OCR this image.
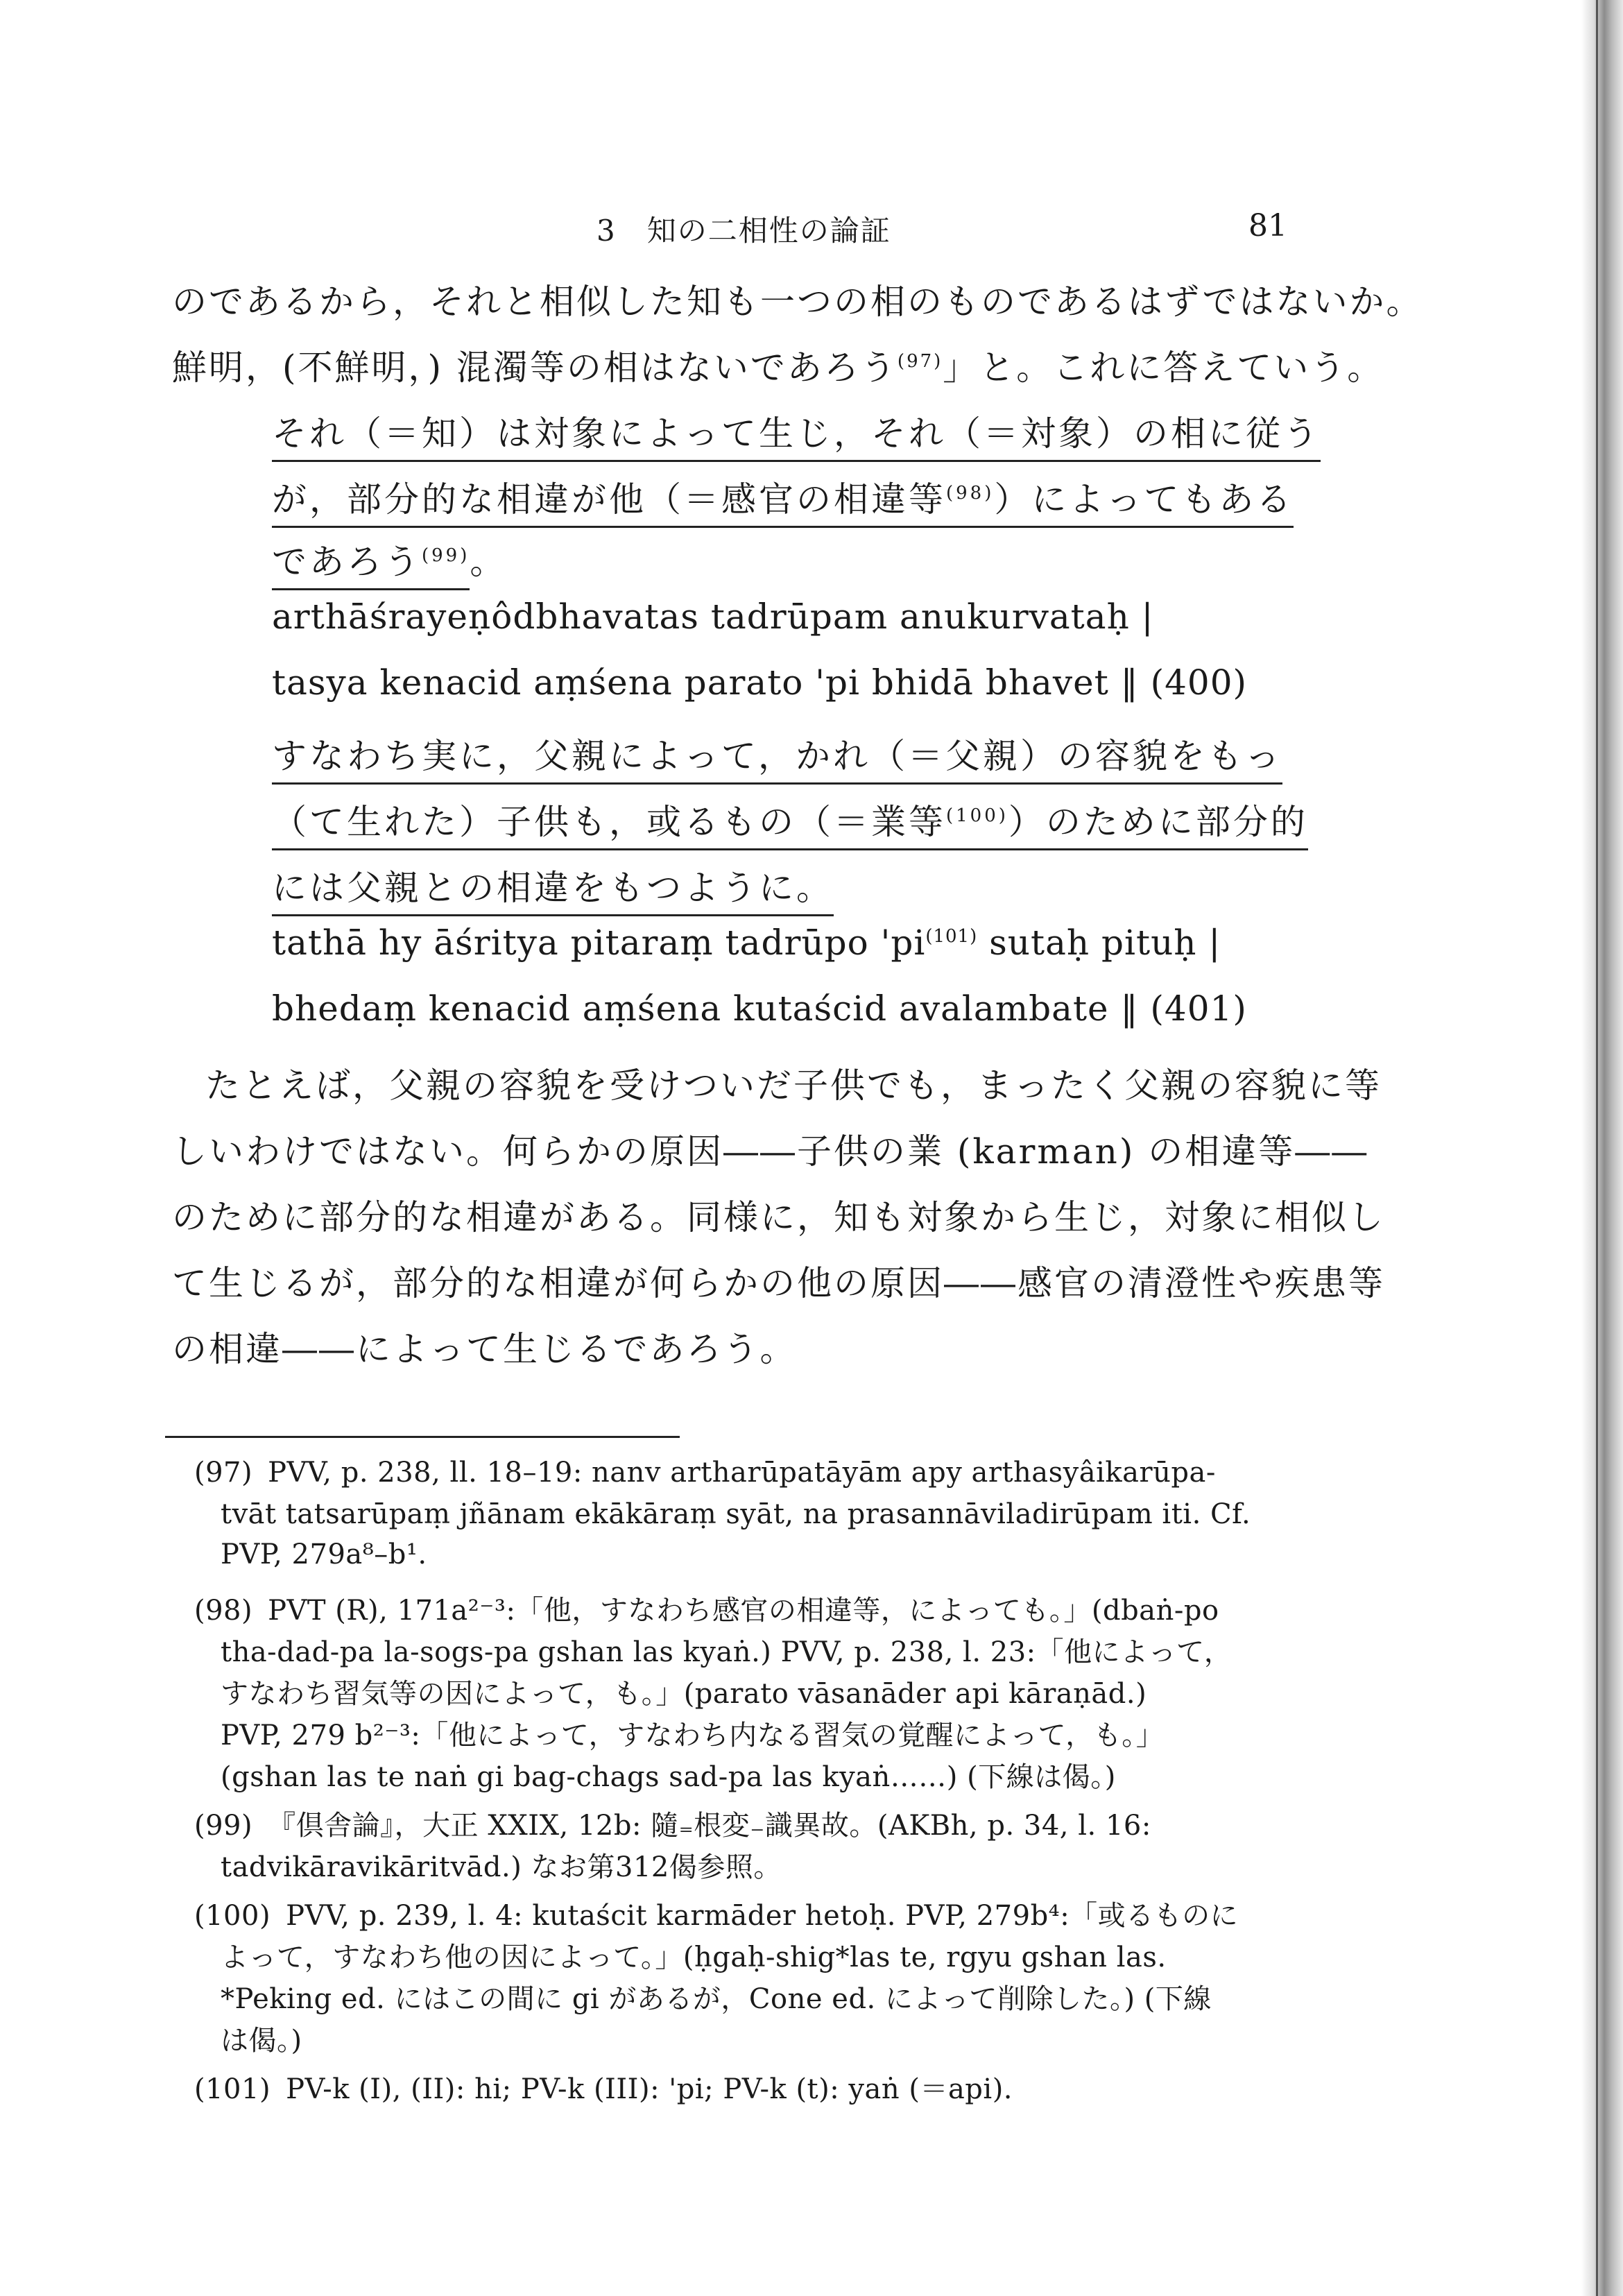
3　知の二相性の論証	81
のであるから，それと相似した知も一つの相のものであるはずではないか。
鮮明，(不鮮明，) 混濁等の相はないであろう$^{(97)}$」と。これに答えていう。
それ（＝知）は対象によって生じ，それ（＝対象）の相に従う
が，部分的な相違が他（＝感官の相違等$^{(98)}$）によってもある
であろう$^{(99)}$。
arthāśrayeṇôdbhavatas tadrūpam anukurvataḥ |
tasya kenacid aṃśena parato 'pi bhidā bhavet ‖ (400)
すなわち実に，父親によって，かれ（＝父親）の容貌をもっ
（て生れた）子供も，或るもの（＝業等$^{(100)}$）のために部分的
には父親との相違をもつように。
tathā hy āśritya pitaraṃ tadrūpo '$pi^{(101)}$ sutaḥ pituḥ |
bhedaṃ kenacid aṃśena kutaścid avalambate ‖ (401)
たとえば，父親の容貌を受けついだ子供でも，まったく父親の容貌に等
しいわけではない。何らかの原因――子供の業 (karman) の相違等――
のために部分的な相違がある。同様に，知も対象から生じ，対象に相似し
て生じるが，部分的な相違が何らかの他の原因――感官の清澄性や疾患等
の相違――によって生じるであろう。
(97) PVV, p. 238, ll. 18–19: nanv artharūpatāyām apy arthasyâikarūpa-
tvāt tatsarūpaṃ jñānam ekākāraṃ syāt, na prasannāviladirūpam iti. Cf.
PVP, 279a⁸–b¹.
(98) PVT (R), 171a²⁻³:「他，すなわち感官の相違等，によっても。」(dbaṅ-po
tha-dad-pa la-sogs-pa gshan las kyaṅ.) PVV, p. 238, l. 23:「他によって，
すなわち習気等の因によって，も。」(parato vāsanāder api kāraṇād.)
PVP, 279 b²⁻³:「他によって，すなわち内なる習気の覚醒によって，も。」
(gshan las te naṅ gi bag-chags sad-pa las kyaṅ……) (下線は偈。)
(99) 『倶舎論』，大正 XXIX, 12b: 隨₌根変₋識異故。(AKBh, p. 34, l. 16:
tadvikāravikāritvād.) なお第312偈参照。
(100) PVV, p. 239, l. 4: kutaścit karmāder hetoḥ. PVP, 279b⁴:「或るものに
よって，すなわち他の因によって。」(ḥgaḥ-shig*las te, rgyu gshan las.
*Peking ed. にはこの間に gi があるが，Cone ed. によって削除した。) (下線
は偈。)
(101) PV-k (I), (II): hi; PV-k (III): 'pi; PV-k (t): yaṅ (＝api).
